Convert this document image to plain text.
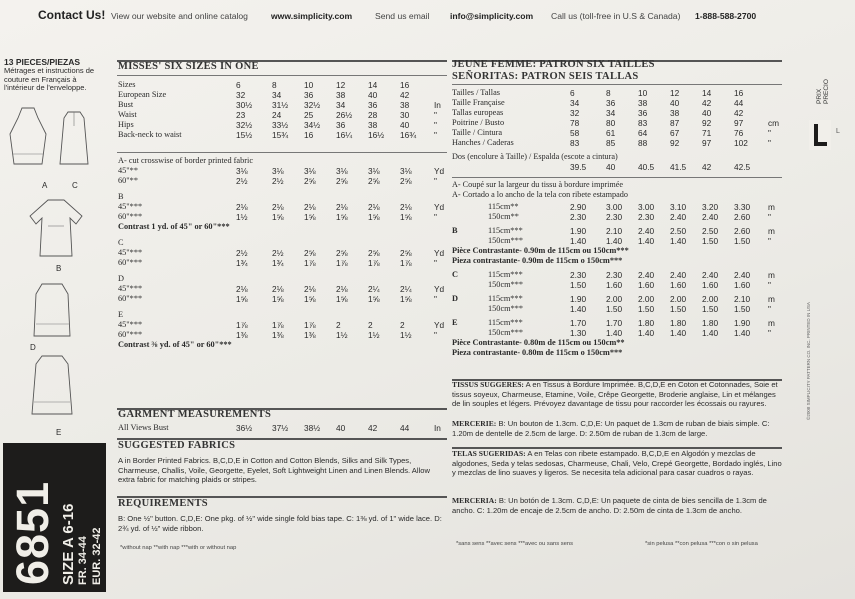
Contact Us! View our website and online catalog	www.simplicity.com	Send us email info@simplicity.com Call us (toll-free in U.S & Canada) 1-888-588-2700
13 PIECES/PIEZAS
Métrages et instructions de couture en Français à l'intérieur de l'enveloppe.
A	C
B
D
E
6851 SIZE A 6-16 FR. 34-44 EUR. 32-42
MISSES' SIX SIZES IN ONE
Sizes	6	8	10	12	14	16	
European Size	32	34	36	38	40	42	
Bust	30½	31½	32½	34	36	38	In
Waist	23	24	25	26½	28	30	"
Hips	32½	33½	34½	36	38	40	"
Back-neck to waist	15½	15¾	16	16¼	16½	16¾	"
A- cut crosswise of border printed fabric							
45"**	3⅛	3⅛	3⅛	3⅛	3⅛	3⅛	Yd
60"**	2½	2½	2⅝	2⅝	2⅝	2⅝	"

B							
45"***	2⅛	2⅛	2⅛	2⅛	2⅛	2⅛	Yd
60"***	1½	1⅝	1⅝	1⅝	1⅝	1⅝	"
Contrast 1 yd. of 45" or 60"***							

C							
45"***	2½	2½	2⅝	2⅝	2⅝	2⅝	Yd
60"***	1¾	1¾	1⅞	1⅞	1⅞	1⅞	"

D							
45"***	2⅛	2⅛	2⅛	2⅛	2¼	2¼	Yd
60"***	1⅝	1⅝	1⅝	1⅝	1⅝	1⅝	"

E							
45"***	1⅞	1⅞	1⅞	2	2	2	Yd
60"***	1⅜	1⅜	1⅜	1½	1½	1½	"
Contrast ⅜ yd. of 45" or 60"***							

GARMENT MEASUREMENTS
All Views Bust	36½	37½	38½	40	42	44	In
SUGGESTED FABRICS
A in Border Printed Fabrics. B,C,D,E in Cotton and Cotton Blends, Silks and Silk Types, Charmeuse, Challis, Voile, Georgette, Eyelet, Soft Lightweight Linen and Linen Blends. Allow extra fabric for matching plaids or stripes.
REQUIREMENTS
B: One ½" button. C,D,E: One pkg. of ½" wide single fold bias tape. C: 1⅜ yd. of 1" wide lace. D: 2¾ yd. of ½" wide ribbon.
*without nap **with nap ***with or without nap
JEUNE FEMME: PATRON SIX TAILLES
SEÑORITAS: PATRON SEIS TALLAS
Tailles / Tallas	6	8	10	12	14	16	
Taille Française	34	36	38	40	42	44	
Tallas europeas	32	34	36	38	40	42	
Poitrine / Busto	78	80	83	87	92	97	cm
Taille / Cintura	58	61	64	67	71	76	"
Hanches / Caderas	83	85	88	92	97	102	"
Dos (encolure à Taille) / Espalda (escote a cintura)
	39.5	40	40.5	41.5	42	42.5
A- Coupé sur la largeur du tissu à bordure imprimée
A- Cortado a lo ancho de la tela con ribete estampado
	115cm**	2.90	3.00	3.00	3.10	3.20	3.30	m
	150cm**	2.30	2.30	2.30	2.40	2.40	2.60	"

B	115cm***	1.90	2.10	2.40	2.50	2.50	2.60	m
	150cm***	1.40	1.40	1.40	1.40	1.50	1.50	"
Pièce Contrastante- 0.90m de 115cm ou 150cm***								
Pieza contrastante- 0.90m de 115cm o 150cm***								

C	115cm***	2.30	2.30	2.40	2.40	2.40	2.40	m
	150cm***	1.50	1.60	1.60	1.60	1.60	1.60	"

D	115cm***	1.90	2.00	2.00	2.00	2.00	2.10	m
	150cm***	1.40	1.50	1.50	1.50	1.50	1.50	"

E	115cm***	1.70	1.70	1.80	1.80	1.80	1.90	m
	150cm***	1.30	1.40	1.40	1.40	1.40	1.40	"
Pièce Contrastante- 0.80m de 115cm ou 150cm**								
Pieza contrastante- 0.80m de 115cm o 150cm***								

TISSUS SUGGERES: A en Tissus à Bordure Imprimée. B,C,D,E en Coton et Cotonnades, Soie et tissus soyeux, Charmeuse, Etamine, Voile, Crêpe Georgette, Broderie anglaise, Lin et mélanges de lin souples et légers. Prévoyez davantage de tissu pour raccorder les écossais ou rayures.
MERCERIE: B: Un bouton de 1.3cm. C,D,E: Un paquet de 1.3cm de ruban de biais simple. C: 1.20m de dentelle de 2.5cm de large. D: 2.50m de ruban de 1.3cm de large.
TELAS SUGERIDAS: A en Telas con ribete estampado. B,C,D,E en Algodón y mezclas de algodones, Seda y telas sedosas, Charmeuse, Chali, Velo, Crepé Georgette, Bordado inglés, Lino y mezclas de lino suaves y ligeros. Se necesita tela adicional para casar cuadros o rayas.
MERCERIA: B: Un botón de 1.3cm. C,D,E: Un paquete de cinta de bies sencilla de 1.3cm de ancho. C: 1.20m de encaje de 2.5cm de ancho. D: 2.50m de cinta de 1.3cm de ancho.
*sans sens **avec sens ***avec ou sans sens	*sin pelusa **con pelusa ***con o sin pelusa
PRIX PRECIO
L
©2008 SIMPLICITY PATTERN CO. INC. PRINTED IN USA
